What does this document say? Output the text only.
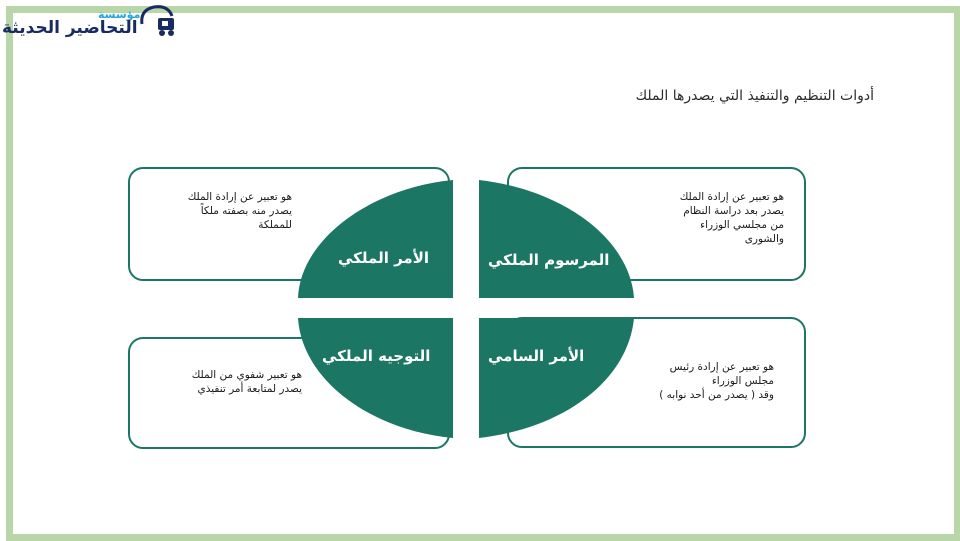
مؤسسة
التحاضير الحديثة
أدوات التنظيم والتنفيذ التي يصدرها الملك
الأمر الملكي	المرسوم الملكي
التوجيه الملكي	الأمر السامي
هو تعبير عن إرادة الملك
يصدر منه بصفته ملكاً
للمملكة
هو تعبير عن إرادة الملك
يصدر بعد دراسة النظام
من مجلسي الوزراء
والشورى
هو تعبير شفوي من الملك
يصدر لمتابعة أمر تنفيذي
هو تعبير عن إرادة رئيس
مجلس الوزراء
وقد ( يصدر من أحد نوابه )
